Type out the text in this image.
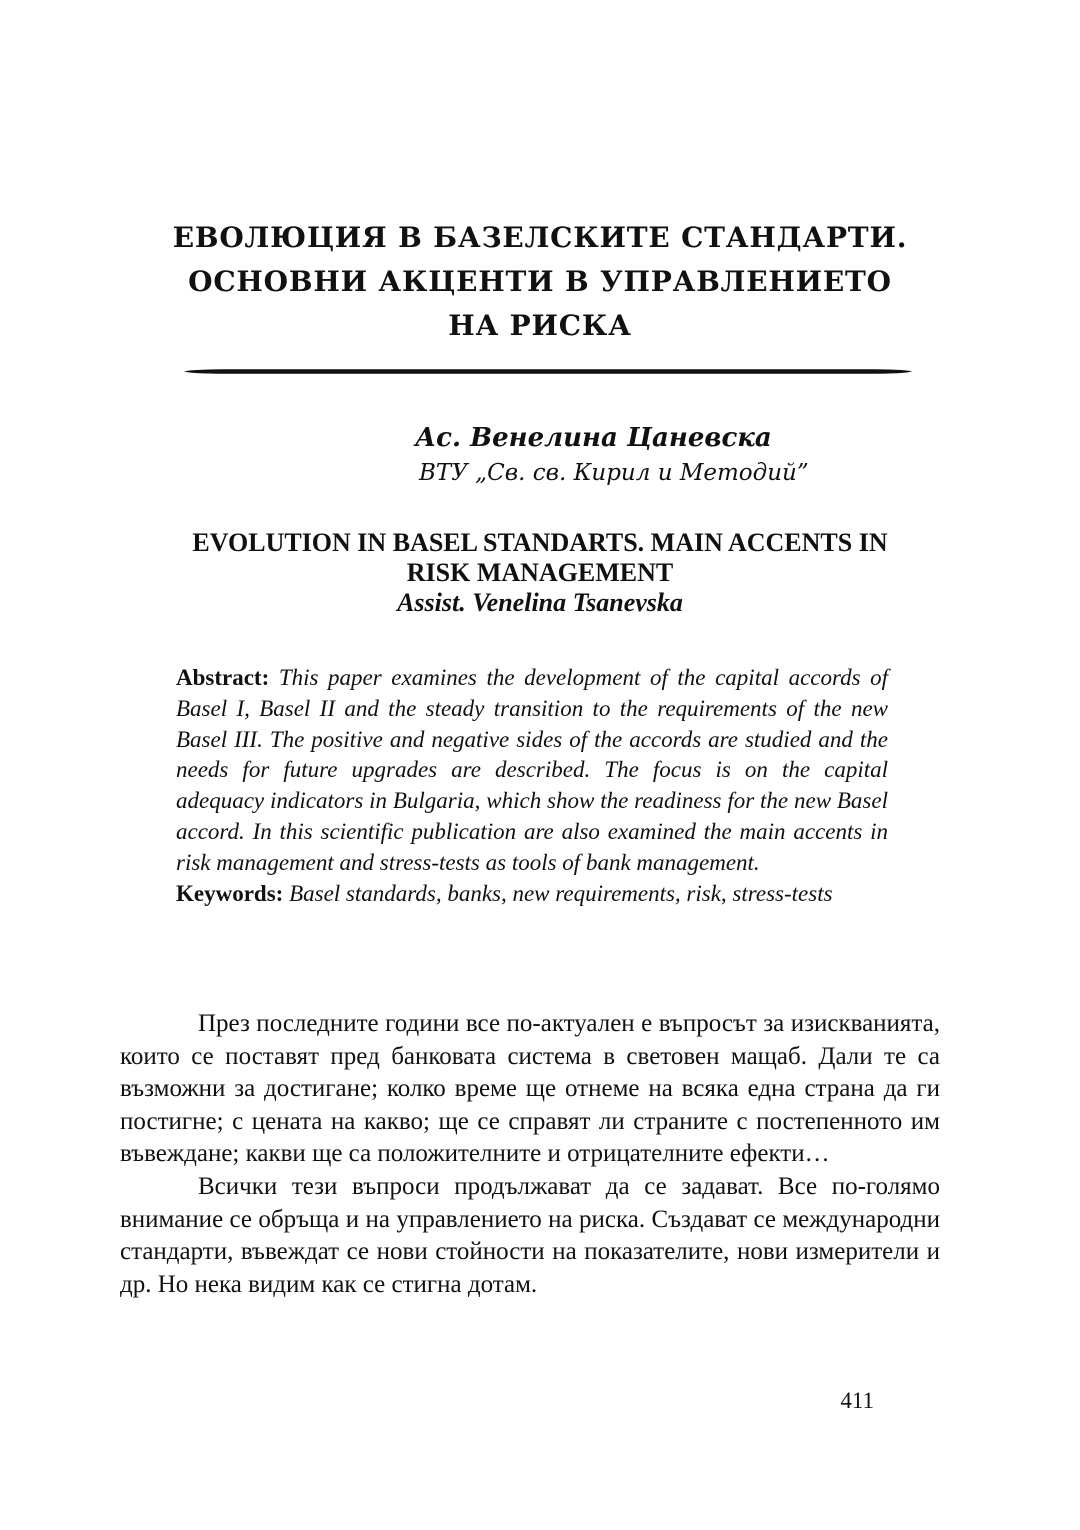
ЕВОЛЮЦИЯ В БАЗЕЛСКИТЕ СТАНДАРТИ.
ОСНОВНИ АКЦЕНТИ В УПРАВЛЕНИЕТО
НА РИСКА
Ас. Венелина Цаневска
ВТУ „Св. св. Кирил и Методий”
EVOLUTION IN BASEL STANDARTS. MAIN ACCENTS IN
RISK MANAGEMENT
Assist. Venelina Tsanevska
Abstract: This paper examines the development of the capital accords of Basel I, Basel II and the steady transition to the requirements of the new Basel III. The positive and negative sides of the accords are studied and the needs for future upgrades are described. The focus is on the capital adequacy indicators in Bulgaria, which show the readiness for the new Basel accord. In this scientific publication are also examined the main accents in risk management and stress-tests as tools of bank management.
Keywords: Basel standards, banks, new requirements, risk, stress-tests

През последните години все по-актуален е въпросът за изискванията, които се поставят пред банковата система в световен мащаб. Дали те са възможни за достигане; колко време ще отнеме на всяка една страна да ги постигне; с цената на какво; ще се справят ли страните с постепенното им въвеждане; какви ще са положителните и отрицателните ефекти…

Всички тези въпроси продължават да се задават. Все по-голямо внимание се обръща и на управлението на риска. Създават се международни стандарти, въвеждат се нови стойности на показателите, нови измерители и др. Но нека видим как се стигна дотам.

411
